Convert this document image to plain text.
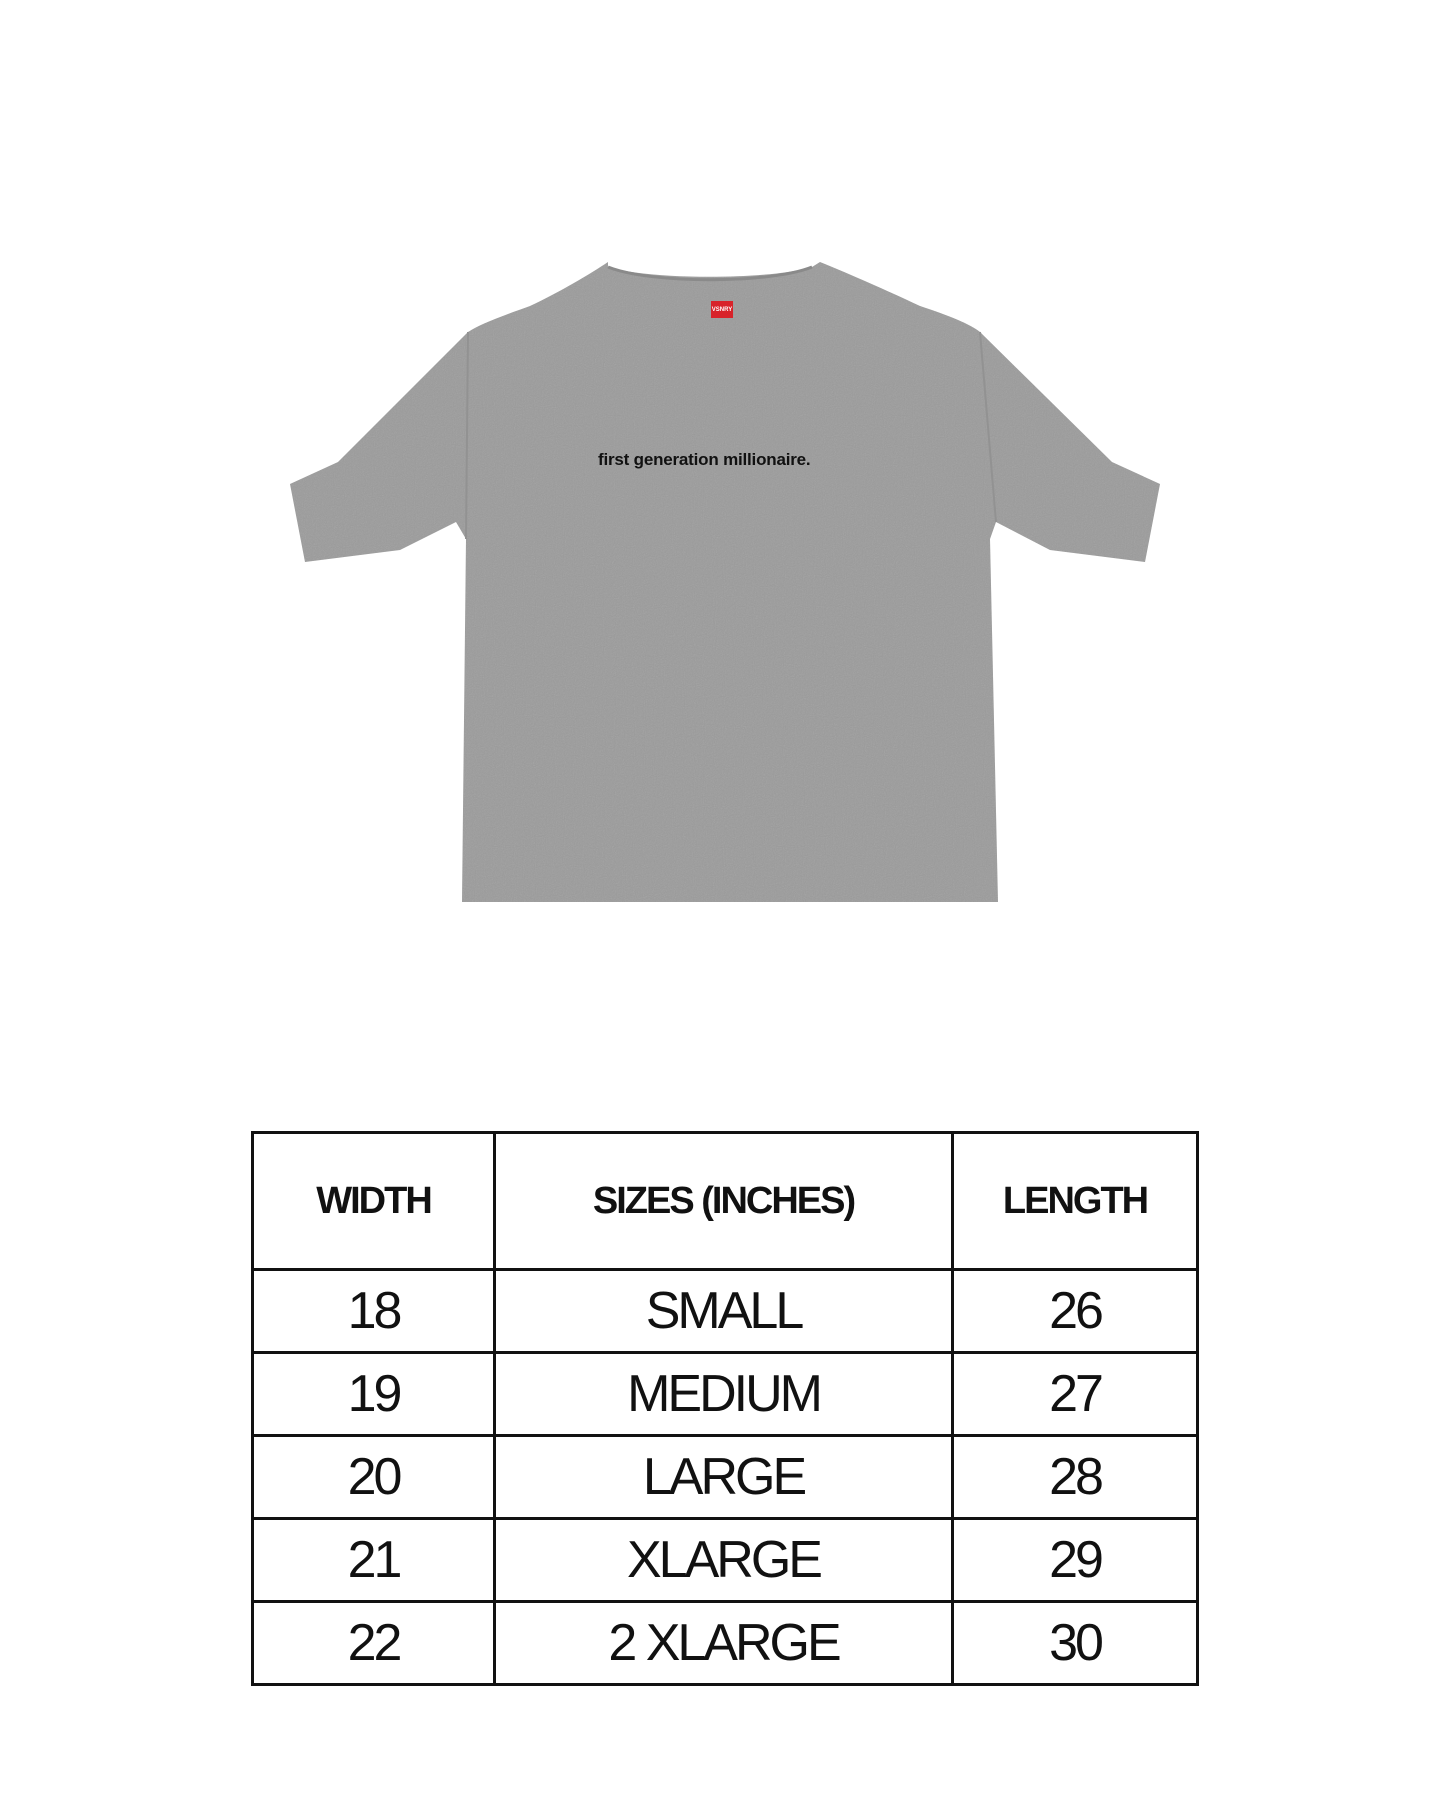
VSNRY
first generation millionaire.
WIDTH	SIZES (INCHES)	LENGTH
18	SMALL	26
19	MEDIUM	27
20	LARGE	28
21	XLARGE	29
22	2 XLARGE	30
